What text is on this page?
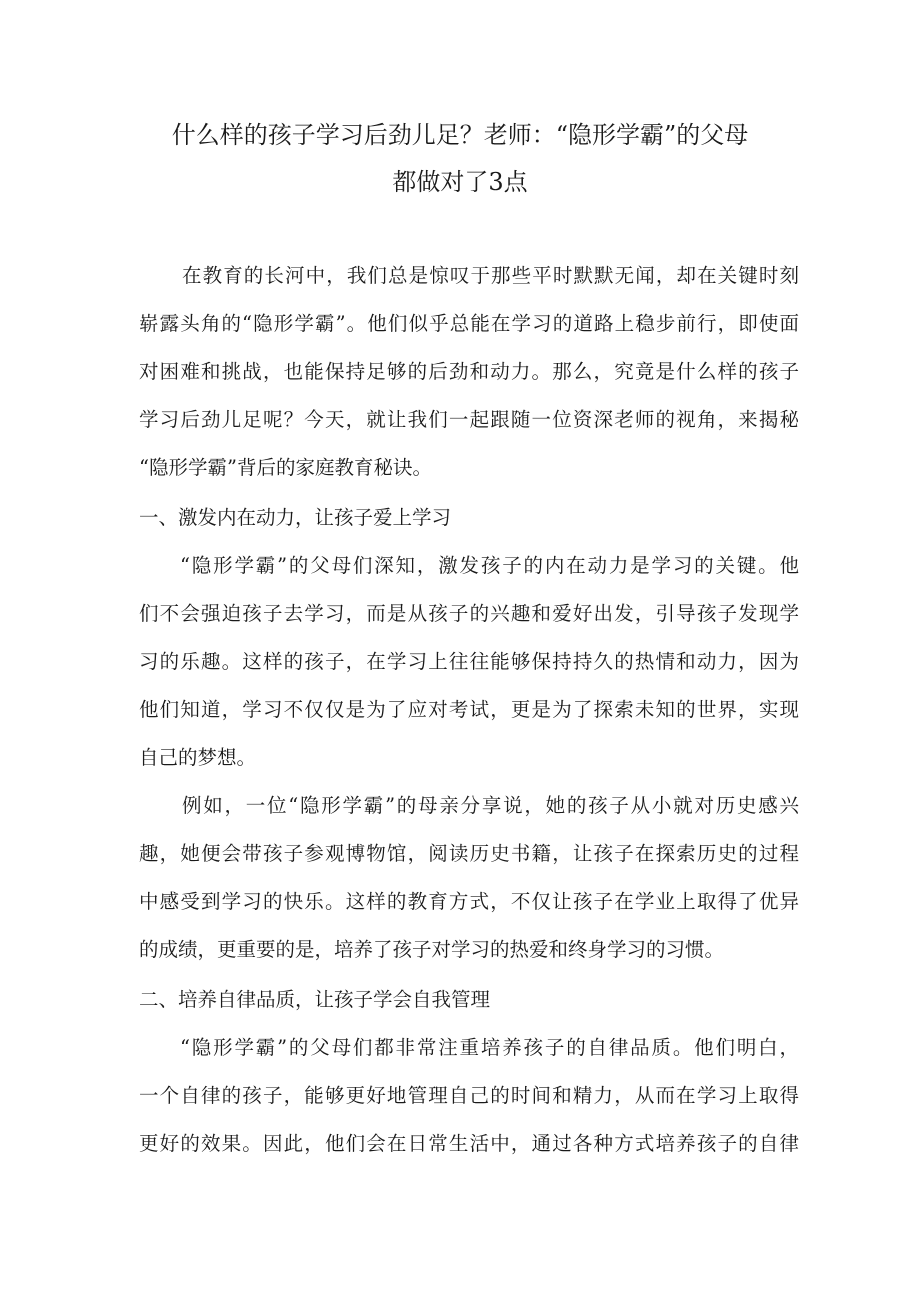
什么样的孩子学习后劲儿足？老师：“隐形学霸”的父母
都做对了3点

在教育的长河中，我们总是惊叹于那些平时默默无闻，却在关键时刻

崭露头角的“隐形学霸”。他们似乎总能在学习的道路上稳步前行，即使面

对困难和挑战，也能保持足够的后劲和动力。那么，究竟是什么样的孩子

学习后劲儿足呢？今天，就让我们一起跟随一位资深老师的视角，来揭秘

“隐形学霸”背后的家庭教育秘诀。

一、激发内在动力，让孩子爱上学习

“隐形学霸”的父母们深知，激发孩子的内在动力是学习的关键。他

们不会强迫孩子去学习，而是从孩子的兴趣和爱好出发，引导孩子发现学

习的乐趣。这样的孩子，在学习上往往能够保持持久的热情和动力，因为

他们知道，学习不仅仅是为了应对考试，更是为了探索未知的世界，实现

自己的梦想。

例如，一位“隐形学霸”的母亲分享说，她的孩子从小就对历史感兴

趣，她便会带孩子参观博物馆，阅读历史书籍，让孩子在探索历史的过程

中感受到学习的快乐。这样的教育方式，不仅让孩子在学业上取得了优异

的成绩，更重要的是，培养了孩子对学习的热爱和终身学习的习惯。

二、培养自律品质，让孩子学会自我管理

“隐形学霸”的父母们都非常注重培养孩子的自律品质。他们明白，

一个自律的孩子，能够更好地管理自己的时间和精力，从而在学习上取得

更好的效果。因此，他们会在日常生活中，通过各种方式培养孩子的自律
